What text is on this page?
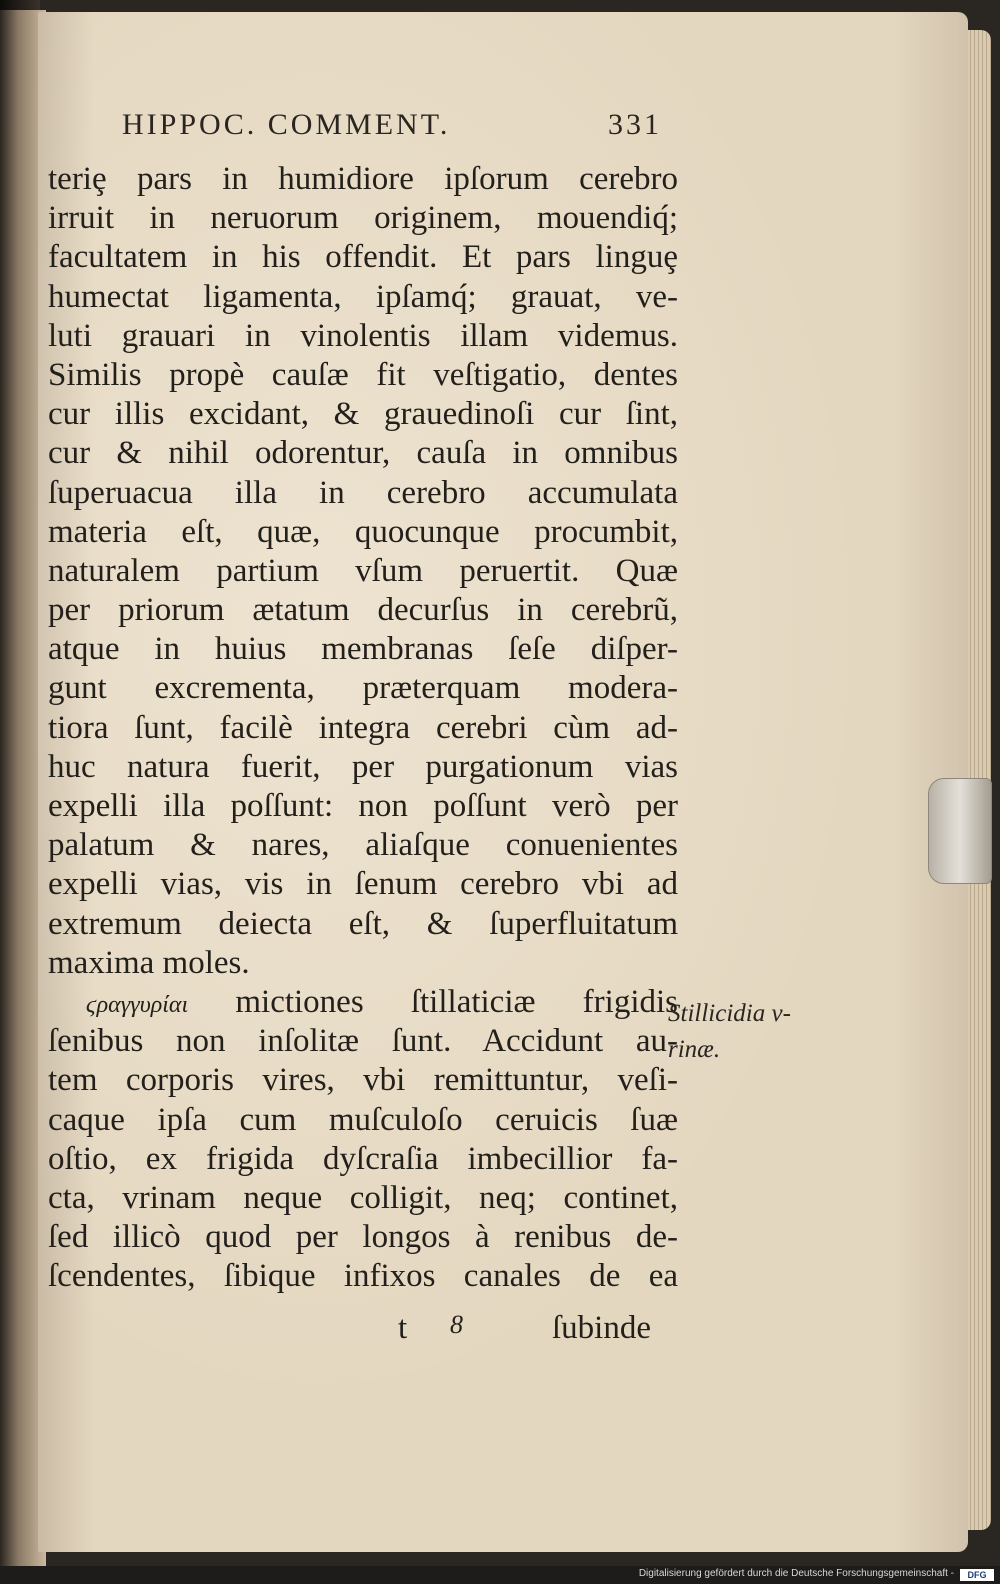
HIPPOC. COMMENT.	331
teriȩ pars in humidiore ipſorum cerebro
irruit in neruorum originem, mouendiq́;
facultatem in his offendit. Et pars linguȩ
humectat ligamenta, ipſamq́; grauat, ve-
luti grauari in vinolentis illam videmus.
Similis propè cauſæ fit veſtigatio, dentes
cur illis excidant, & grauedinoſi cur ſint,
cur & nihil odorentur, cauſa in omnibus
ſuperuacua illa in cerebro accumulata
materia eſt, quæ, quocunque procumbit,
naturalem partium vſum peruertit. Quæ
per priorum ætatum decurſus in cerebrũ,
atque in huius membranas ſeſe diſper-
gunt excrementa, præterquam modera-
tiora ſunt, facilè integra cerebri cùm ad-
huc natura fuerit, per purgationum vias
expelli illa poſſunt: non poſſunt verò per
palatum & nares, aliaſque conuenientes
expelli vias, vis in ſenum cerebro vbi ad
extremum deiecta eſt, & ſuperfluitatum
maxima moles.
ϛραγγυρίαι mictiones ſtillaticiæ frigidis
ſenibus non inſolitæ ſunt. Accidunt au-
tem corporis vires, vbi remittuntur, veſi-
caque ipſa cum muſculoſo ceruicis ſuæ
oſtio, ex frigida dyſcraſia imbecillior fa-
cta, vrinam neque colligit, neq; continet,
ſed illicò quod per longos à renibus de-
ſcendentes, ſibique infixos canales de ea
Stillicidia v-
rinæ.
t 8	ſubinde
Digitalisierung gefördert durch die Deutsche Forschungsgemeinschaft -	DFG
